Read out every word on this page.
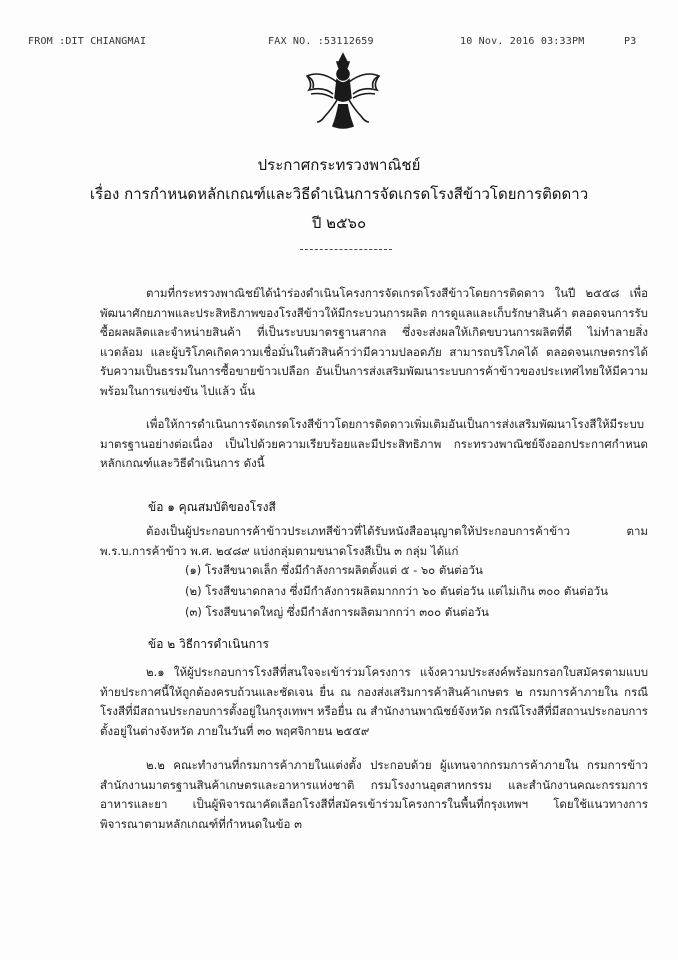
FROM :DIT CHIANGMAI	FAX NO. :53112659	10 Nov. 2016 03:33PM	P3
ประกาศกระทรวงพาณิชย์
เรื่อง การกำหนดหลักเกณฑ์และวิธีดำเนินการจัดเกรดโรงสีข้าวโดยการติดดาว
ปี ๒๕๖๐
ตามที่กระทรวงพาณิชย์ได้นำร่องดำเนินโครงการจัดเกรดโรงสีข้าวโดยการติดดาว ในปี ๒๕๕๘ เพื่อพัฒนาศักยภาพและประสิทธิภาพของโรงสีข้าวให้มีกระบวนการผลิต การดูแลและเก็บรักษาสินค้า ตลอดจนการรับซื้อผลผลิตและจำหน่ายสินค้า ที่เป็นระบบมาตรฐานสากล ซึ่งจะส่งผลให้เกิดขบวนการผลิตที่ดี ไม่ทำลายสิ่งแวดล้อม และผู้บริโภคเกิดความเชื่อมั่นในตัวสินค้าว่ามีความปลอดภัย สามารถบริโภคได้ ตลอดจนเกษตรกรได้รับความเป็นธรรมในการซื้อขายข้าวเปลือก อันเป็นการส่งเสริมพัฒนาระบบการค้าข้าวของประเทศไทยให้มีความพร้อมในการแข่งขัน ไปแล้ว นั้น
เพื่อให้การดำเนินการจัดเกรดโรงสีข้าวโดยการติดดาวเพิ่มเติมอันเป็นการส่งเสริมพัฒนาโรงสีให้มีระบบมาตรฐานอย่างต่อเนื่อง เป็นไปด้วยความเรียบร้อยและมีประสิทธิภาพ กระทรวงพาณิชย์จึงออกประกาศกำหนดหลักเกณฑ์และวิธีดำเนินการ ดังนี้
ข้อ ๑ คุณสมบัติของโรงสี
ต้องเป็นผู้ประกอบการค้าข้าวประเภทสีข้าวที่ได้รับหนังสืออนุญาตให้ประกอบการค้าข้าว ตาม พ.ร.บ.การค้าข้าว พ.ศ. ๒๔๘๙ แบ่งกลุ่มตามขนาดโรงสีเป็น ๓ กลุ่ม ได้แก่
(๑) โรงสีขนาดเล็ก ซึ่งมีกำลังการผลิตตั้งแต่ ๕ - ๖๐ ตันต่อวัน
(๒) โรงสีขนาดกลาง ซึ่งมีกำลังการผลิตมากกว่า ๖๐ ตันต่อวัน แต่ไม่เกิน ๓๐๐ ตันต่อวัน
(๓) โรงสีขนาดใหญ่ ซึ่งมีกำลังการผลิตมากกว่า ๓๐๐ ตันต่อวัน
ข้อ ๒ วิธีการดำเนินการ
๒.๑ ให้ผู้ประกอบการโรงสีที่สนใจจะเข้าร่วมโครงการ แจ้งความประสงค์พร้อมกรอกใบสมัครตามแบบท้ายประกาศนี้ให้ถูกต้องครบถ้วนและชัดเจน ยื่น ณ กองส่งเสริมการค้าสินค้าเกษตร ๒ กรมการค้าภายใน กรณีโรงสีที่มีสถานประกอบการตั้งอยู่ในกรุงเทพฯ หรือยื่น ณ สำนักงานพาณิชย์จังหวัด กรณีโรงสีที่มีสถานประกอบการตั้งอยู่ในต่างจังหวัด ภายในวันที่ ๓๐ พฤศจิกายน ๒๕๕๙
๒.๒ คณะทำงานที่กรมการค้าภายในแต่งตั้ง ประกอบด้วย ผู้แทนจากกรมการค้าภายใน กรมการข้าว สำนักงานมาตรฐานสินค้าเกษตรและอาหารแห่งชาติ กรมโรงงานอุตสาหกรรม และสำนักงานคณะกรรมการอาหารและยา เป็นผู้พิจารณาคัดเลือกโรงสีที่สมัครเข้าร่วมโครงการในพื้นที่กรุงเทพฯ โดยใช้แนวทางการพิจารณาตามหลักเกณฑ์ที่กำหนดในข้อ ๓
